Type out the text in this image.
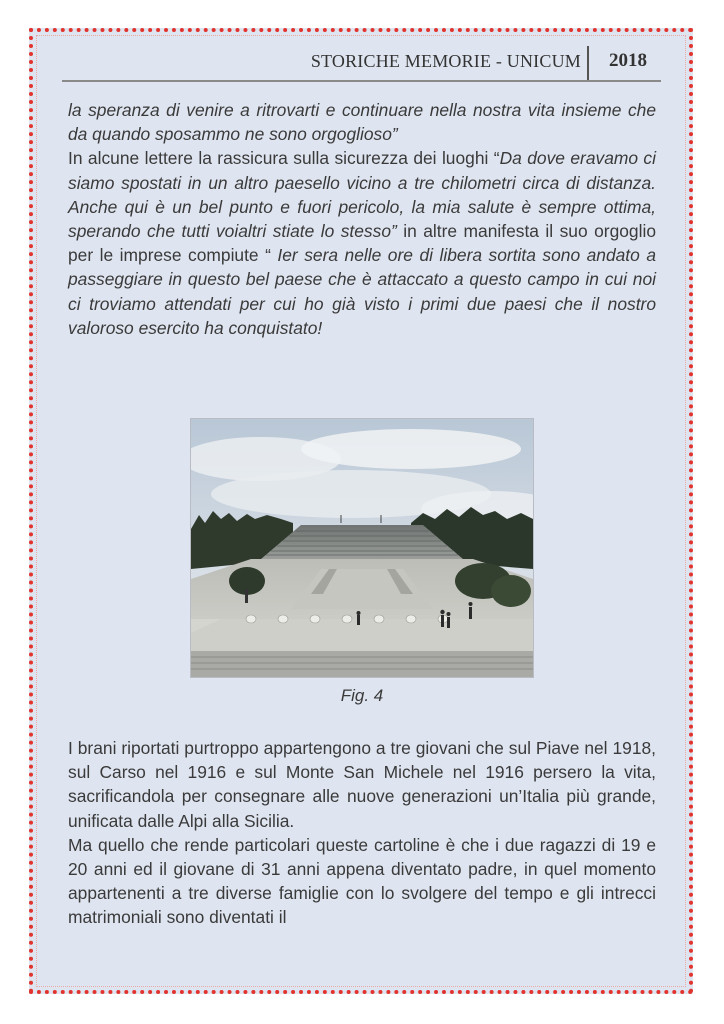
STORICHE MEMORIE - UNICUM 2018

la speranza di venire a ritrovarti e continuare nella nostra vita insieme che da quando sposammo ne sono orgoglioso”

In alcune lettere la rassicura sulla sicurezza dei luoghi “Da dove eravamo ci siamo spostati in un altro paesello vicino a tre chilometri circa di distanza. Anche qui è un bel punto e fuori pericolo, la mia salute è sempre ottima, sperando che tutti voialtri stiate lo stesso” in altre manifesta il suo orgoglio per le imprese compiute “ Ier sera nelle ore di libera sortita sono andato a passeggiare in questo bel paese che è attaccato a questo campo in cui noi ci troviamo attendati per cui ho già visto i primi due paesi che il nostro valoroso esercito ha conquistato!

Fig. 4

I brani riportati purtroppo appartengono a tre giovani che sul Piave nel 1918, sul Carso nel 1916 e sul Monte San Michele nel 1916 persero la vita, sacrificandola per consegnare alle nuove generazioni un’Italia più grande, unificata dalle Alpi alla Sicilia.

Ma quello che rende particolari queste cartoline è che i due ragazzi di 19 e 20 anni ed il giovane di 31 anni appena diventato padre, in quel momento appartenenti a tre diverse famiglie con lo svolgere del tempo e gli intrecci matrimoniali sono diventati il
